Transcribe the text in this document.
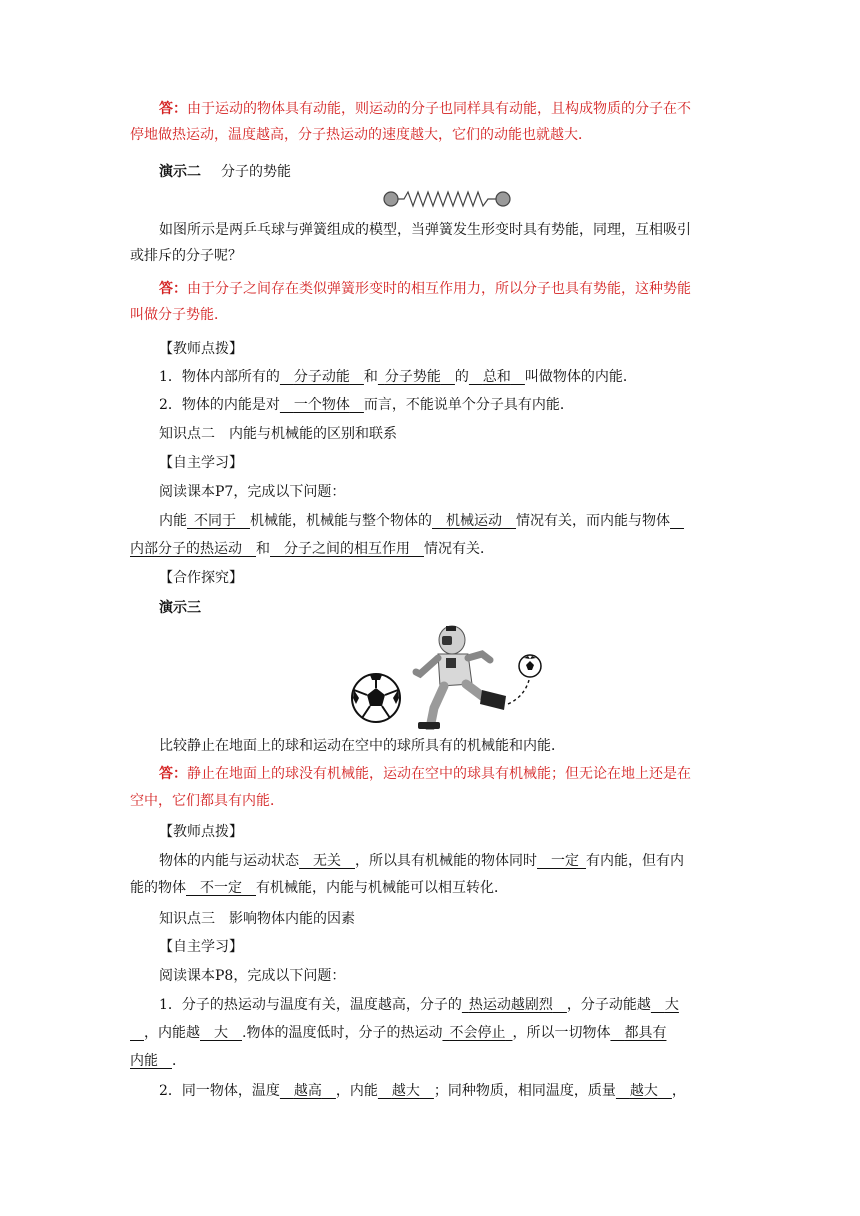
答：由于运动的物体具有动能，则运动的分子也同样具有动能，且构成物质的分子在不
停地做热运动，温度越高，分子热运动的速度越大，它们的动能也就越大．
演示二 分子的势能
如图所示是两乒乓球与弹簧组成的模型，当弹簧发生形变时具有势能，同理，互相吸引
或排斥的分子呢？
答：由于分子之间存在类似弹簧形变时的相互作用力，所以分子也具有势能，这种势能
叫做分子势能．
【教师点拨】
1．物体内部所有的   分子动能   和  分子势能   的   总和   叫做物体的内能．
2．物体的内能是对   一个物体   而言，不能说单个分子具有内能．
知识点二　内能与机械能的区别和联系
【自主学习】
阅读课本P7，完成以下问题：
内能  不同于   机械能，机械能与整个物体的   机械运动   情况有关，而内能与物体  
内部分子的热运动   和   分子之间的相互作用   情况有关．
【合作探究】
演示三
比较静止在地面上的球和运动在空中的球所具有的机械能和内能．
答：静止在地面上的球没有机械能，运动在空中的球具有机械能；但无论在地上还是在
空中，它们都具有内能．
【教师点拨】
物体的内能与运动状态   无关   ，所以具有机械能的物体同时   一定  有内能，但有内
能的物体   不一定   有机械能，内能与机械能可以相互转化．
知识点三　影响物体内能的因素
【自主学习】
阅读课本P8，完成以下问题：
1．分子的热运动与温度有关，温度越高，分子的  热运动越剧烈   ，分子动能越   大
  ，内能越   大   .物体的温度低时，分子的热运动  不会停止  ，所以一切物体   都具有
内能   ．
2．同一物体，温度   越高   ，内能   越大   ；同种物质，相同温度，质量   越大   ，
